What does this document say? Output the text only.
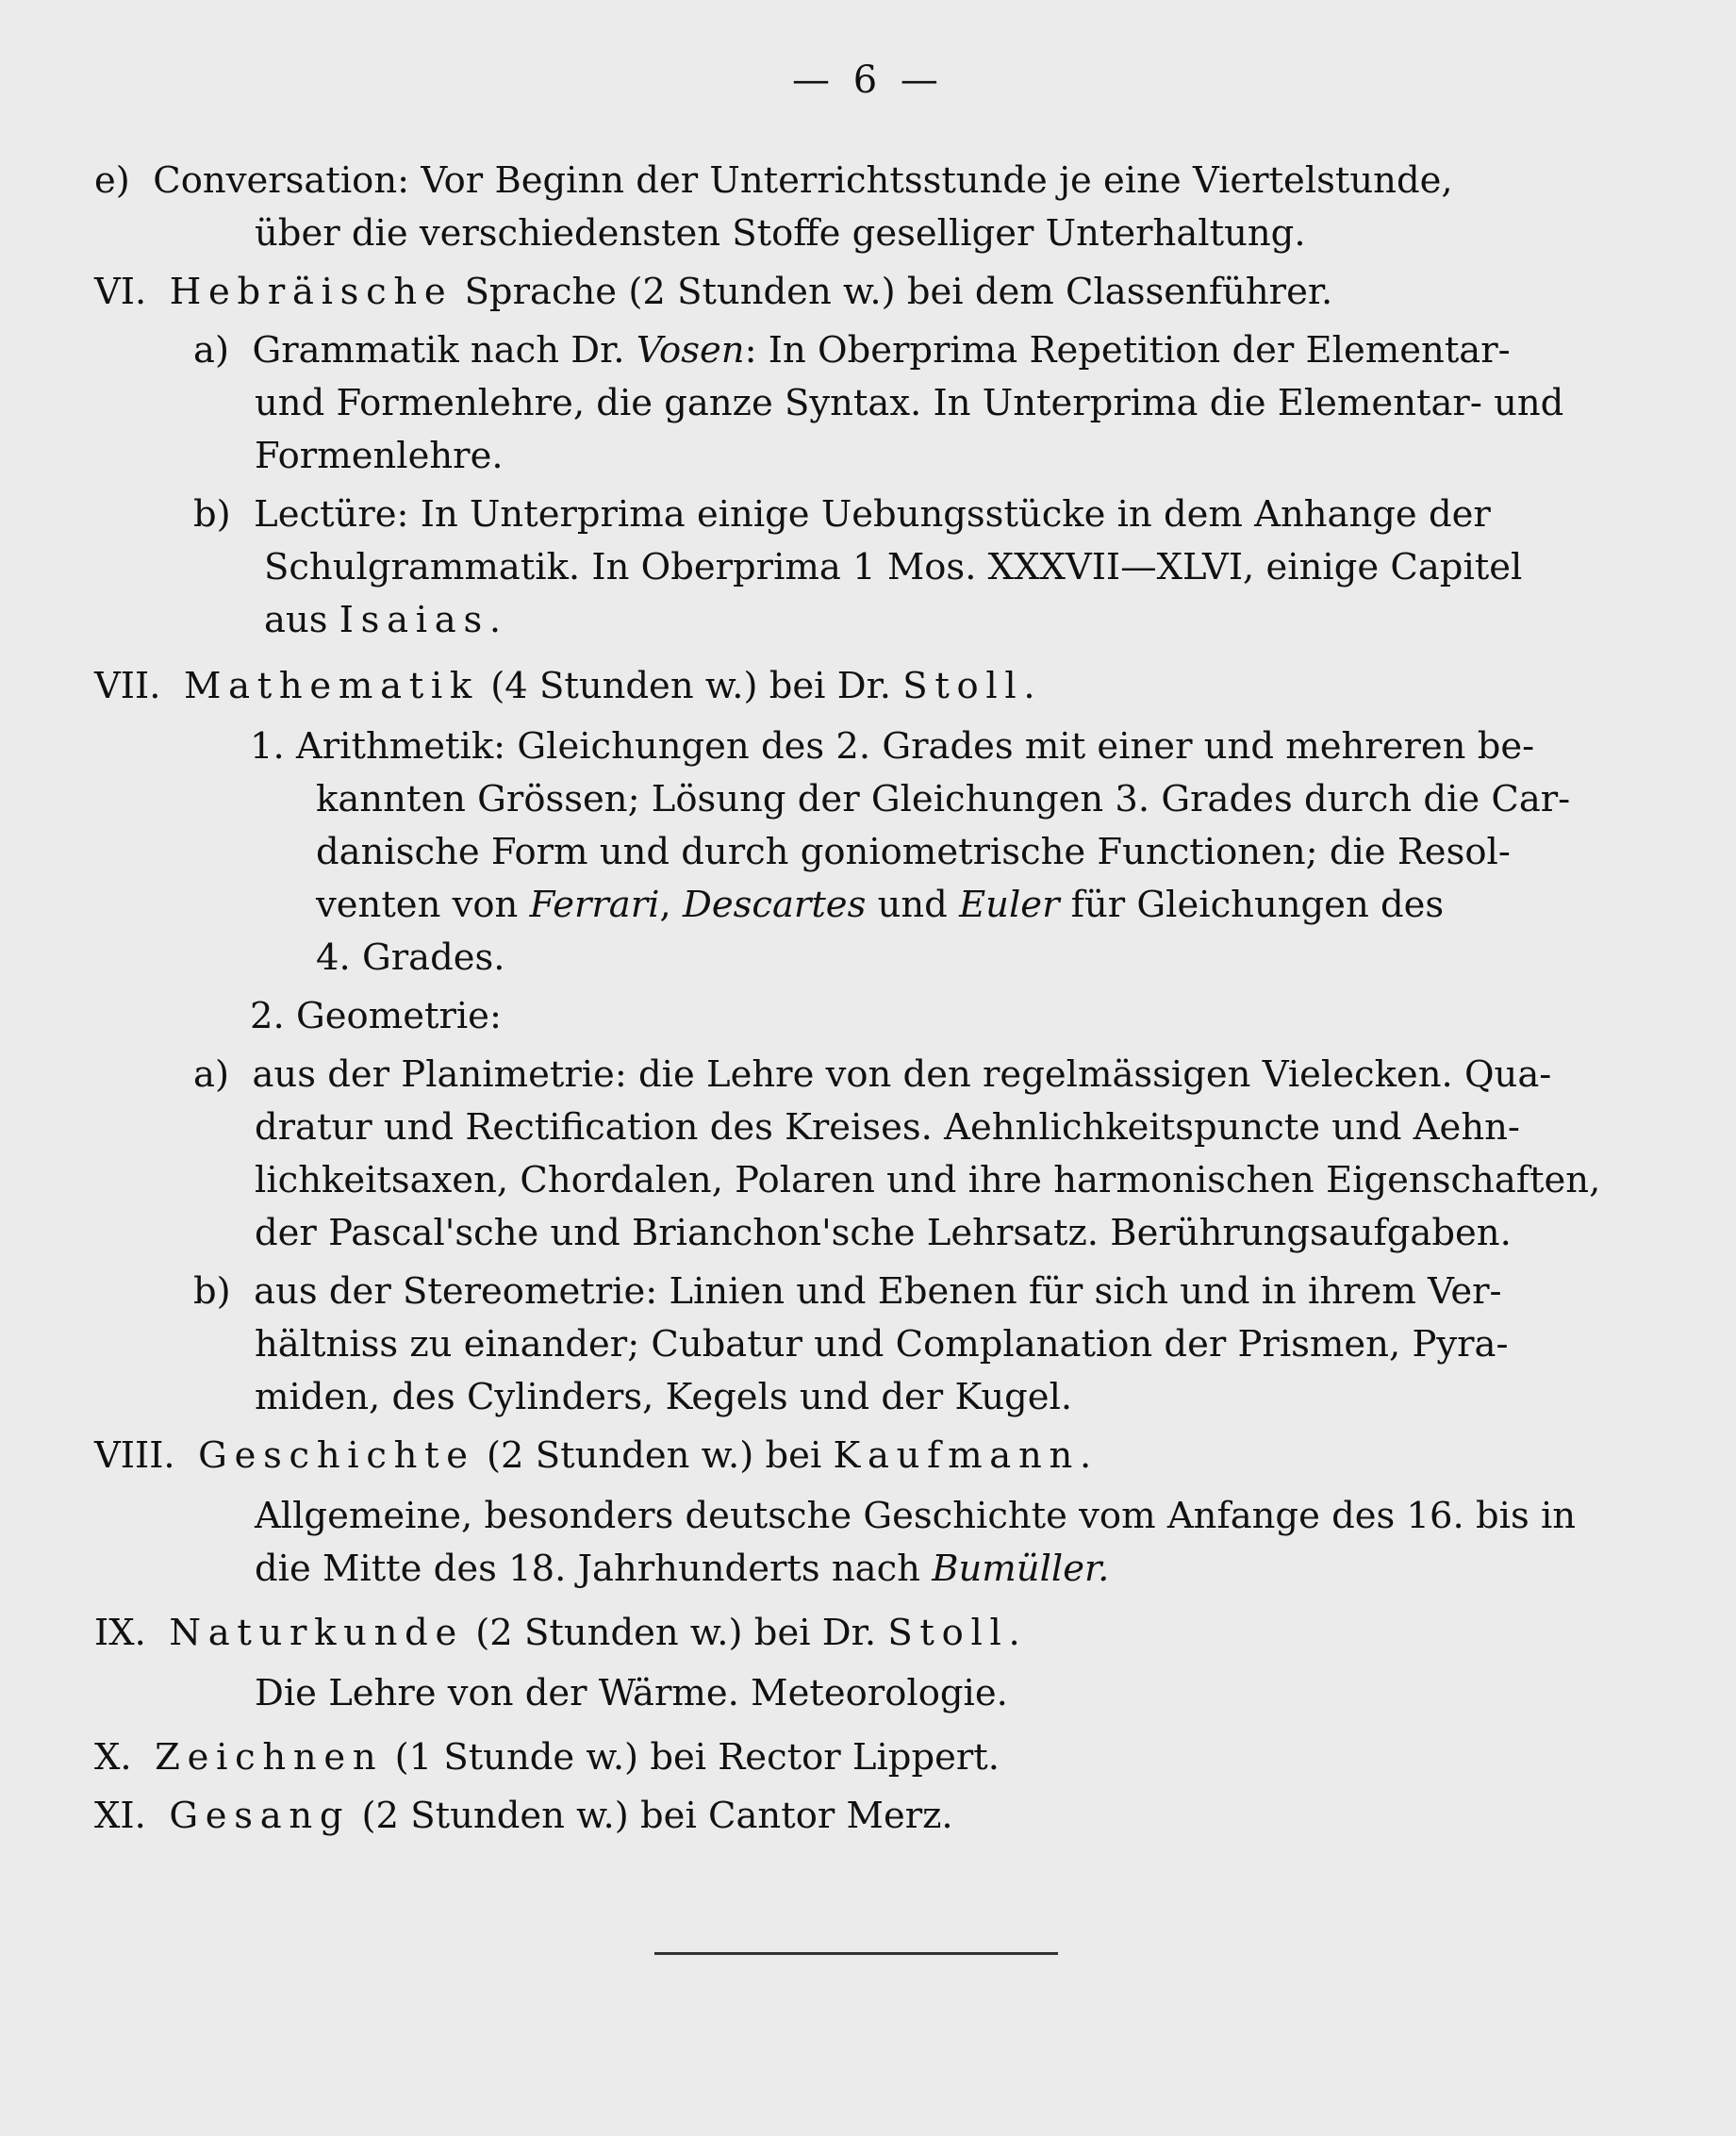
— 6 —
e) Conversation: Vor Beginn der Unterrichtsstunde je eine Viertelstunde,
über die verschiedensten Stoffe geselliger Unterhaltung.
VI. Hebräische Sprache (2 Stunden w.) bei dem Classenführer.
a) Grammatik nach Dr. Vosen: In Oberprima Repetition der Elementar-
und Formenlehre, die ganze Syntax. In Unterprima die Elementar- und
Formenlehre.
b) Lectüre: In Unterprima einige Uebungsstücke in dem Anhange der
Schulgrammatik. In Oberprima 1 Mos. XXXVII—XLVI, einige Capitel
aus Isaias.
VII. Mathematik (4 Stunden w.) bei Dr. Stoll.
1. Arithmetik: Gleichungen des 2. Grades mit einer und mehreren be-
kannten Grössen; Lösung der Gleichungen 3. Grades durch die Car-
danische Form und durch goniometrische Functionen; die Resol-
venten von Ferrari, Descartes und Euler für Gleichungen des
4. Grades.
2. Geometrie:
a) aus der Planimetrie: die Lehre von den regelmässigen Vielecken. Qua-
dratur und Rectification des Kreises. Aehnlichkeitspuncte und Aehn-
lichkeitsaxen, Chordalen, Polaren und ihre harmonischen Eigenschaften,
der Pascal'sche und Brianchon'sche Lehrsatz. Berührungsaufgaben.
b) aus der Stereometrie: Linien und Ebenen für sich und in ihrem Ver-
hältniss zu einander; Cubatur und Complanation der Prismen, Pyra-
miden, des Cylinders, Kegels und der Kugel.
VIII. Geschichte (2 Stunden w.) bei Kaufmann.
Allgemeine, besonders deutsche Geschichte vom Anfange des 16. bis in
die Mitte des 18. Jahrhunderts nach Bumüller.
IX. Naturkunde (2 Stunden w.) bei Dr. Stoll.
Die Lehre von der Wärme. Meteorologie.
X. Zeichnen (1 Stunde w.) bei Rector Lippert.
XI. Gesang (2 Stunden w.) bei Cantor Merz.
